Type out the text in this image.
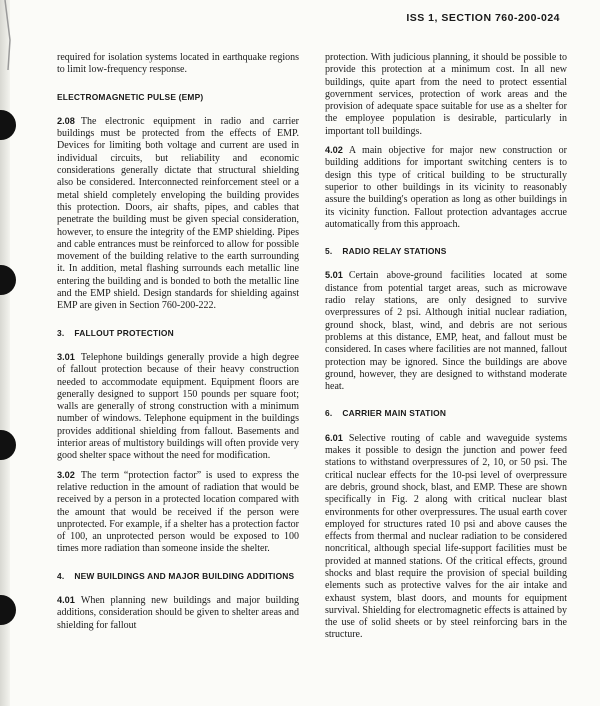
ISS 1, SECTION 760-200-024

required for isolation systems located in earthquake regions to limit low-frequency response.

ELECTROMAGNETIC PULSE (EMP)

2.08 The electronic equipment in radio and carrier buildings must be protected from the effects of EMP. Devices for limiting both voltage and current are used in individual circuits, but reliability and economic considerations generally dictate that structural shielding also be considered. Interconnected reinforcement steel or a metal shield completely enveloping the building provides this protection. Doors, air shafts, pipes, and cables that penetrate the building must be given special consideration, however, to ensure the integrity of the EMP shielding. Pipes and cable entrances must be reinforced to allow for possible movement of the building relative to the earth surrounding it. In addition, metal flashing surrounds each metallic line entering the building and is bonded to both the metallic line and the EMP shield. Design standards for shielding against EMP are given in Section 760-200-222.

3. FALLOUT PROTECTION

3.01 Telephone buildings generally provide a high degree of fallout protection because of their heavy construction needed to accommodate equipment. Equipment floors are generally designed to support 150 pounds per square foot; walls are generally of strong construction with a minimum number of windows. Telephone equipment in the buildings provides additional shielding from fallout. Basements and interior areas of multistory buildings will often provide very good shelter space without the need for modification.

3.02 The term “protection factor” is used to express the relative reduction in the amount of radiation that would be received by a person in a protected location compared with the amount that would be received if the person were unprotected. For example, if a shelter has a protection factor of 100, an unprotected person would be exposed to 100 times more radiation than someone inside the shelter.

4. NEW BUILDINGS AND MAJOR BUILDING ADDITIONS

4.01 When planning new buildings and major building additions, consideration should be given to shelter areas and shielding for fallout

protection. With judicious planning, it should be possible to provide this protection at a minimum cost. In all new buildings, quite apart from the need to protect essential government services, protection of work areas and the provision of adequate space suitable for use as a shelter for the employee population is desirable, particularly in important toll buildings.

4.02 A main objective for major new construction or building additions for important switching centers is to design this type of critical building to be structurally superior to other buildings in its vicinity to reasonably assure the building's operation as long as other buildings in its vicinity function. Fallout protection advantages accrue automatically from this approach.

5. RADIO RELAY STATIONS

5.01 Certain above-ground facilities located at some distance from potential target areas, such as microwave radio relay stations, are only designed to survive overpressures of 2 psi. Although initial nuclear radiation, ground shock, blast, wind, and debris are not serious problems at this distance, EMP, heat, and fallout must be considered. In cases where facilities are not manned, fallout protection may be ignored. Since the buildings are above ground, however, they are designed to withstand moderate heat.

6. CARRIER MAIN STATION

6.01 Selective routing of cable and waveguide systems makes it possible to design the junction and power feed stations to withstand overpressures of 2, 10, or 50 psi. The critical nuclear effects for the 10-psi level of overpressure are debris, ground shock, blast, and EMP. These are shown specifically in Fig. 2 along with critical nuclear blast environments for other overpressures. The usual earth cover employed for structures rated 10 psi and above causes the effects from thermal and nuclear radiation to be considered noncritical, although special life-support facilities must be provided at manned stations. Of the critical effects, ground shocks and blast require the provision of special building elements such as protective valves for the air intake and exhaust system, blast doors, and mounts for equipment survival. Shielding for electromagnetic effects is attained by the use of solid sheets or by steel reinforcing bars in the structure.
